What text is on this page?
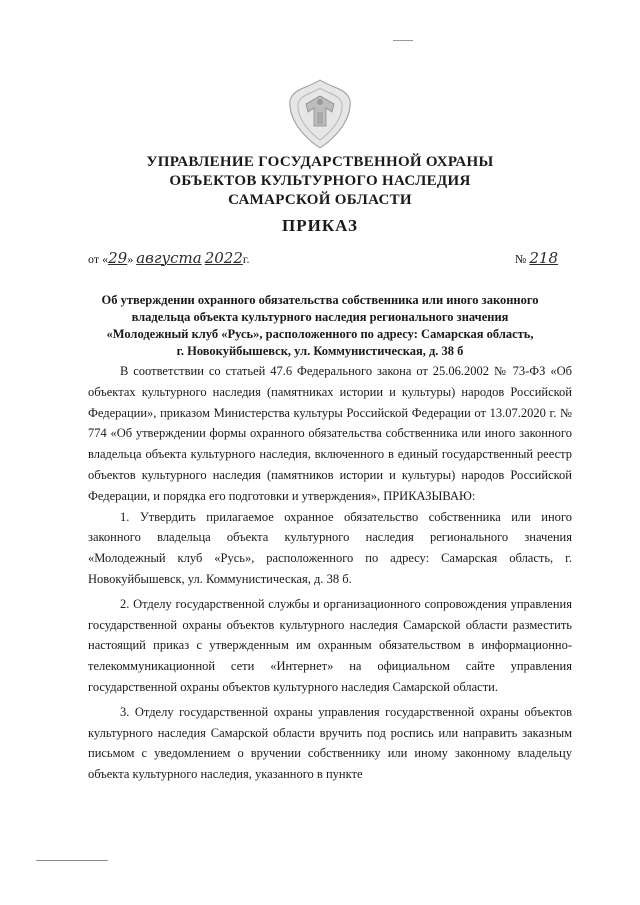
УПРАВЛЕНИЕ ГОСУДАРСТВЕННОЙ ОХРАНЫ
ОБЪЕКТОВ КУЛЬТУРНОГО НАСЛЕДИЯ
САМАРСКОЙ ОБЛАСТИ
ПРИКАЗ
от «29» августа 2022г.	№ 218
Об утверждении охранного обязательства собственника или иного законного
владельца объекта культурного наследия регионального значения
«Молодежный клуб «Русь», расположенного по адресу: Самарская область,
г. Новокуйбышевск, ул. Коммунистическая, д. 38 б

В соответствии со статьей 47.6 Федерального закона от 25.06.2002 № 73-ФЗ «Об объектах культурного наследия (памятниках истории и культуры) народов Российской Федерации», приказом Министерства культуры Российской Федерации от 13.07.2020 г. № 774 «Об утверждении формы охранного обязательства собственника или иного законного владельца объекта культурного наследия, включенного в единый государственный реестр объектов культурного наследия (памятников истории и культуры) народов Российской Федерации, и порядка его подготовки и утверждения», ПРИКАЗЫВАЮ:

1. Утвердить прилагаемое охранное обязательство собственника или иного законного владельца объекта культурного наследия регионального значения «Молодежный клуб «Русь», расположенного по адресу: Самарская область, г. Новокуйбышевск, ул. Коммунистическая, д. 38 б.

2. Отделу государственной службы и организационного сопровождения управления государственной охраны объектов культурного наследия Самарской области разместить настоящий приказ с утвержденным им охранным обязательством в информационно-телекоммуникационной сети «Интернет» на официальном сайте управления государственной охраны объектов культурного наследия Самарской области.

3. Отделу государственной охраны управления государственной охраны объектов культурного наследия Самарской области вручить под роспись или направить заказным письмом с уведомлением о вручении собственнику или иному законному владельцу объекта культурного наследия, указанного в пункте
